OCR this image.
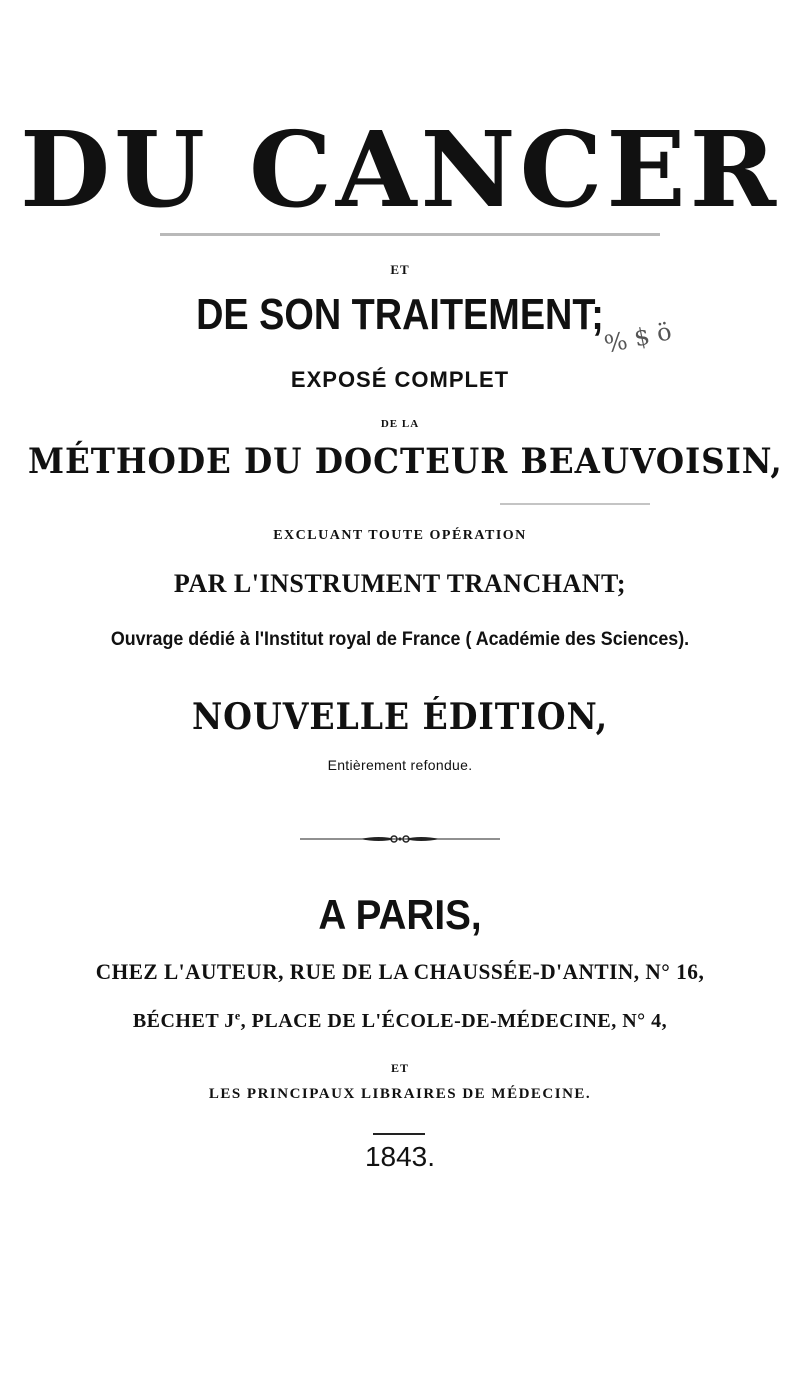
DU CANCER
ET
DE SON TRAITEMENT;
% $ ö
EXPOSÉ COMPLET
DE LA
MÉTHODE DU DOCTEUR BEAUVOISIN,
EXCLUANT TOUTE OPÉRATION
PAR L'INSTRUMENT TRANCHANT;
Ouvrage dédié à l'Institut royal de France ( Académie des Sciences).
NOUVELLE ÉDITION,
Entièrement refondue.
A PARIS,
CHEZ L'AUTEUR, RUE DE LA CHAUSSÉE-D'ANTIN, N° 16,
BÉCHET $J^e$, PLACE DE L'ÉCOLE-DE-MÉDECINE, N° 4,
ET
LES PRINCIPAUX LIBRAIRES DE MÉDECINE.
1843.
